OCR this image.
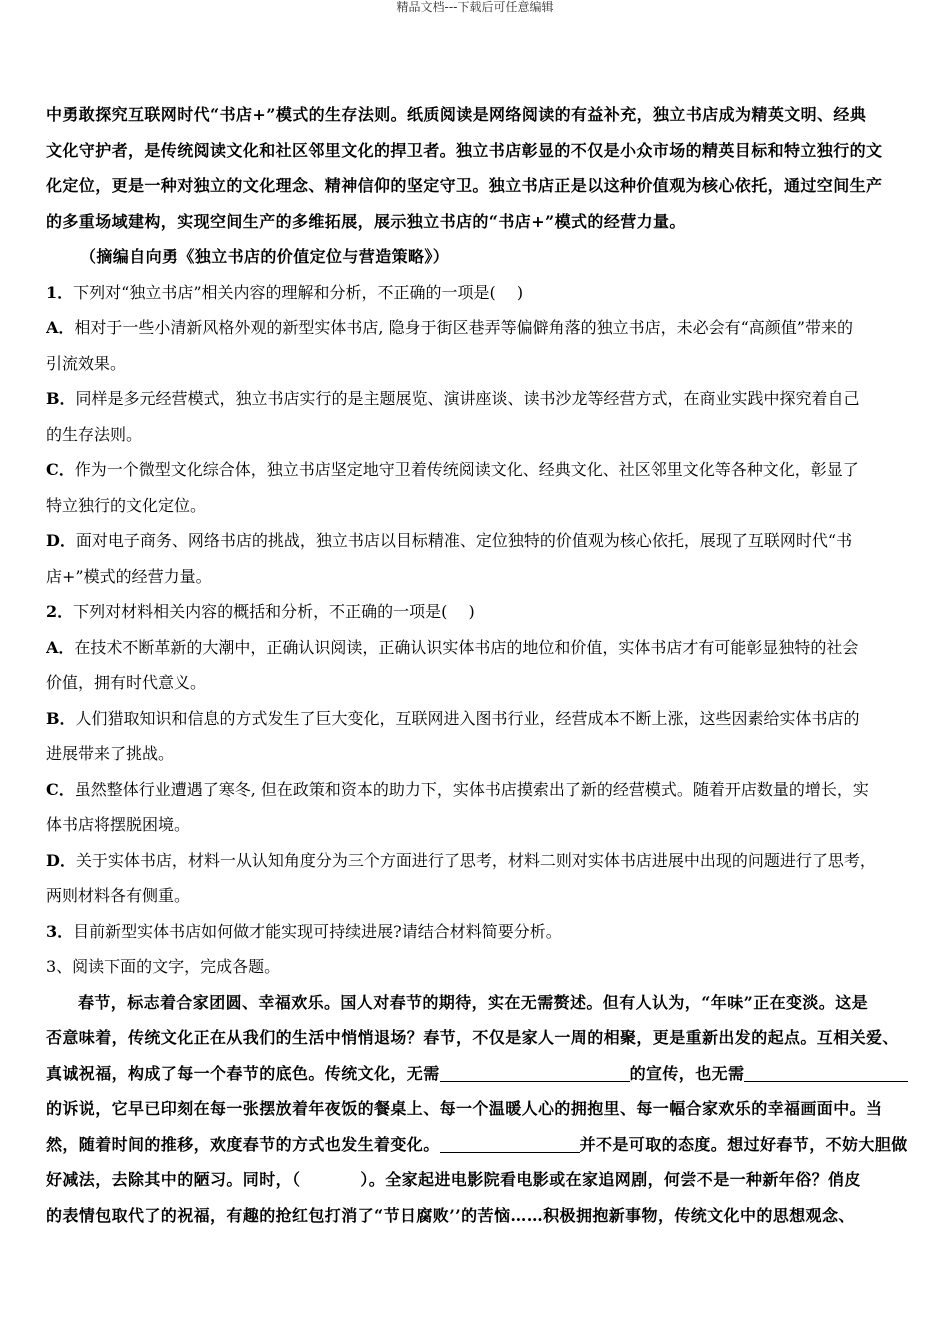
精品文档---下载后可任意编辑
中勇敢探究互联网时代“书店+”模式的生存法则。纸质阅读是网络阅读的有益补充，独立书店成为精英文明、经典
文化守护者，是传统阅读文化和社区邻里文化的捍卫者。独立书店彰显的不仅是小众市场的精英目标和特立独行的文
化定位，更是一种对独立的文化理念、精神信仰的坚定守卫。独立书店正是以这种价值观为核心依托，通过空间生产
的多重场域建构，实现空间生产的多维拓展，展示独立书店的“书店+”模式的经营力量。
（摘编自向勇《独立书店的价值定位与营造策略》）
1．下列对“独立书店”相关内容的理解和分析，不正确的一项是(　 )
A．相对于一些小清新风格外观的新型实体书店, 隐身于街区巷弄等偏僻角落的独立书店，未必会有“高颜值”带来的
引流效果。
B．同样是多元经营模式，独立书店实行的是主题展览、演讲座谈、读书沙龙等经营方式，在商业实践中探究着自己
的生存法则。
C．作为一个微型文化综合体，独立书店坚定地守卫着传统阅读文化、经典文化、社区邻里文化等各种文化，彰显了
特立独行的文化定位。
D．面对电子商务、网络书店的挑战，独立书店以目标精准、定位独特的价值观为核心依托，展现了互联网时代“书
店+”模式的经营力量。
2．下列对材料相关内容的概括和分析，不正确的一项是(　 )
A．在技术不断革新的大潮中，正确认识阅读，正确认识实体书店的地位和价值，实体书店才有可能彰显独特的社会
价值，拥有时代意义。
B．人们猎取知识和信息的方式发生了巨大变化，互联网进入图书行业，经营成本不断上涨，这些因素给实体书店的
进展带来了挑战。
C．虽然整体行业遭遇了寒冬, 但在政策和资本的助力下，实体书店摸索出了新的经营模式。随着开店数量的增长，实
体书店将摆脱困境。
D．关于实体书店，材料一从认知角度分为三个方面进行了思考，材料二则对实体书店进展中出现的问题进行了思考，
两则材料各有侧重。
3．目前新型实体书店如何做才能实现可持续进展?请结合材料简要分析。
3、阅读下面的文字，完成各题。
春节，标志着合家团圆、幸福欢乐。国人对春节的期待，实在无需赘述。但有人认为，“年味”正在变淡。这是
否意味着，传统文化正在从我们的生活中悄悄退场？春节，不仅是家人一周的相聚，更是重新出发的起点。互相关爱、
真诚祝福，构成了每一个春节的底色。传统文化，无需	的宣传，也无需
的诉说，它早已印刻在每一张摆放着年夜饭的餐桌上、每一个温暖人心的拥抱里、每一幅合家欢乐的幸福画面中。当
然，随着时间的推移，欢度春节的方式也发生着变化。	并不是可取的态度。想过好春节，不妨大胆做
好减法，去除其中的陋习。同时，（	）。全家起进电影院看电影或在家追网剧，何尝不是一种新年俗？俏皮
的表情包取代了的祝福，有趣的抢红包打消了“节日腐败’’的苦恼……积极拥抱新事物，传统文化中的思想观念、
